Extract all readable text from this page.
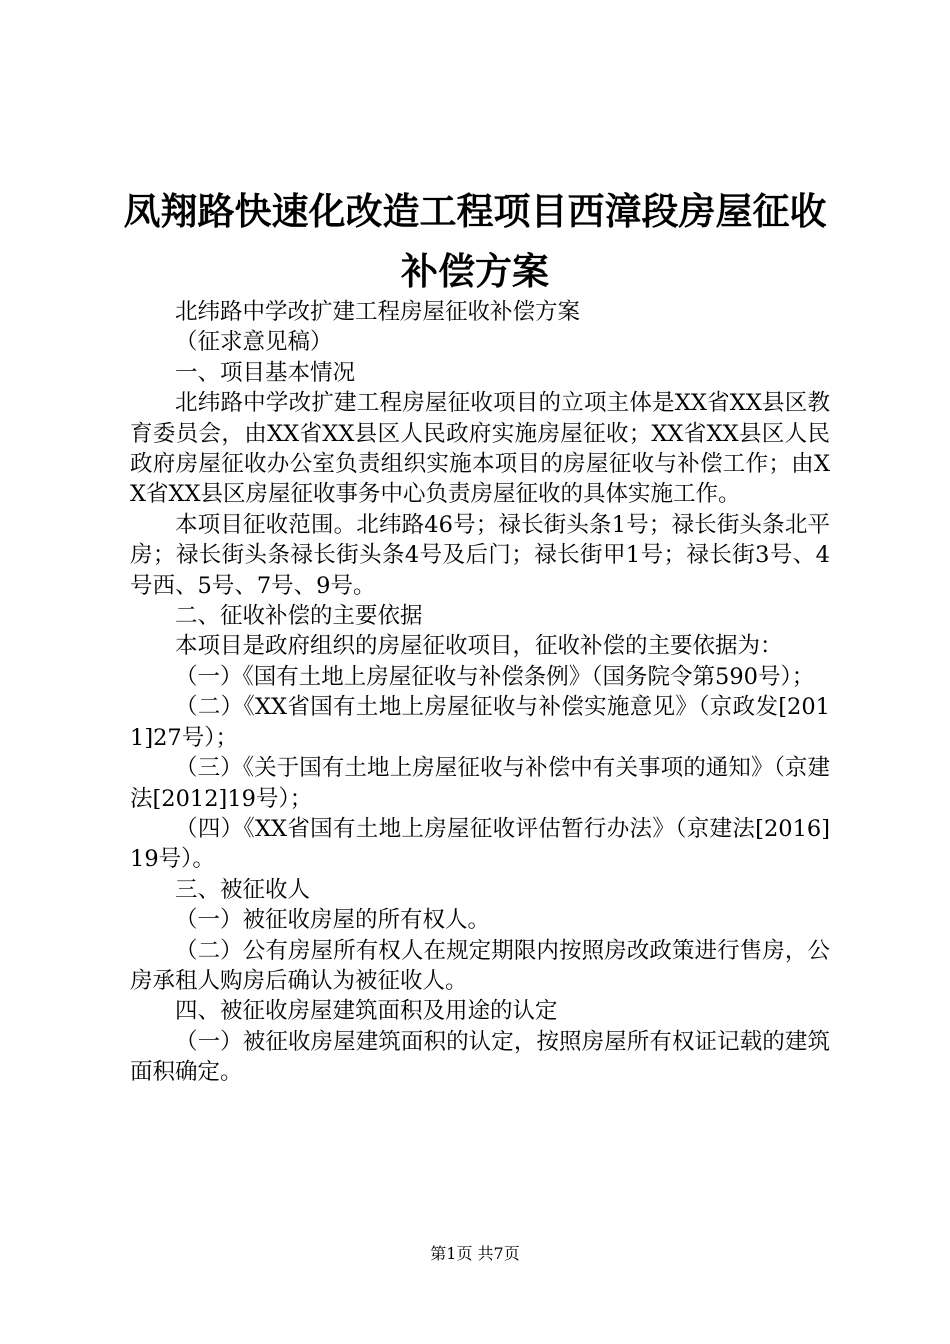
凤翔路快速化改造工程项目西漳段房屋征收补偿方案

北纬路中学改扩建工程房屋征收补偿方案

（征求意见稿）

一、项目基本情况

北纬路中学改扩建工程房屋征收项目的立项主体是XX省XX县区教育委员会，由XX省XX县区人民政府实施房屋征收；XX省XX县区人民政府房屋征收办公室负责组织实施本项目的房屋征收与补偿工作；由XX省XX县区房屋征收事务中心负责房屋征收的具体实施工作。

本项目征收范围。北纬路46号；禄长街头条1号；禄长街头条北平房；禄长街头条禄长街头条4号及后门；禄长街甲1号；禄长街3号、4号西、5号、7号、9号。

二、征收补偿的主要依据

本项目是政府组织的房屋征收项目，征收补偿的主要依据为：

（一）《国有土地上房屋征收与补偿条例》（国务院令第590号）；

（二）《XX省国有土地上房屋征收与补偿实施意见》（京政发[2011]27号）；

（三）《关于国有土地上房屋征收与补偿中有关事项的通知》（京建法[2012]19号）；

（四）《XX省国有土地上房屋征收评估暂行办法》（京建法[2016]19号）。

三、被征收人

（一）被征收房屋的所有权人。

（二）公有房屋所有权人在规定期限内按照房改政策进行售房，公房承租人购房后确认为被征收人。

四、被征收房屋建筑面积及用途的认定

（一）被征收房屋建筑面积的认定，按照房屋所有权证记载的建筑面积确定。

第1页 共7页
